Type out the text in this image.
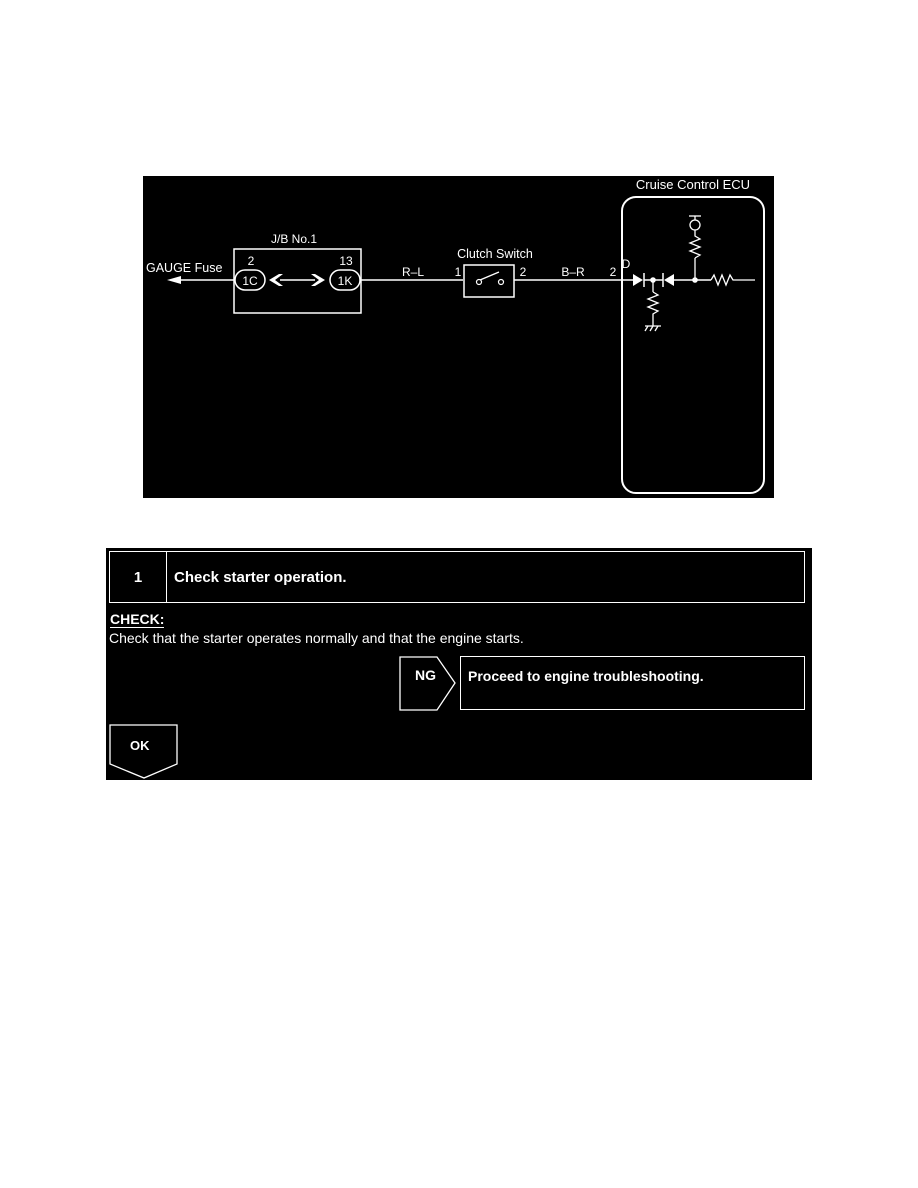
Cruise Control ECU
J/B No.1
2	13
1C	1K
GAUGE Fuse	R–L
Clutch Switch
1	2	B–R 2
D
1	Check starter operation.
CHECK:
Check that the starter operates normally and that the engine starts.
NG Proceed to engine troubleshooting.
OK
